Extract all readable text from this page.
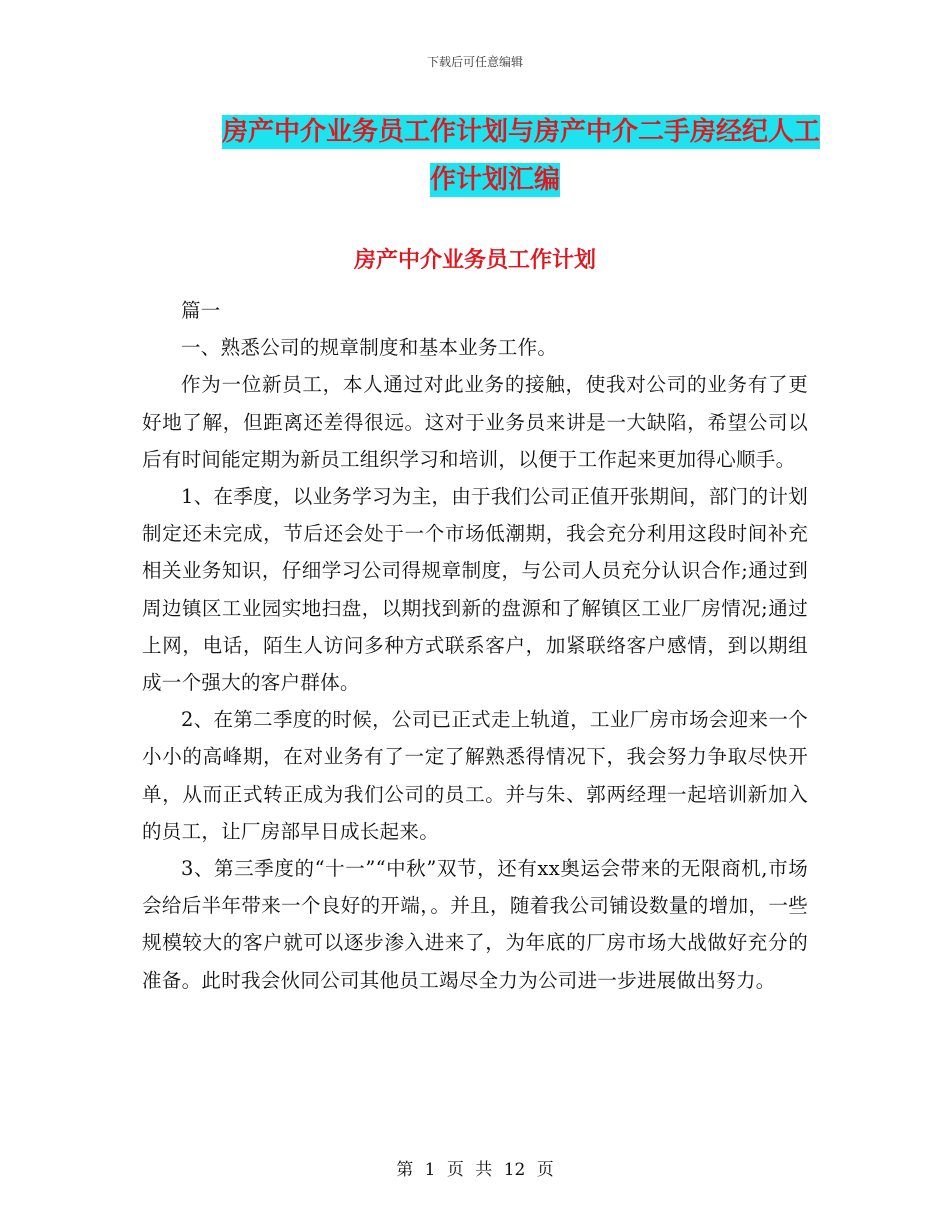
下载后可任意编辑
房产中介业务员工作计划与房产中介二手房经纪人工
作计划汇编
房产中介业务员工作计划

篇一

一、熟悉公司的规章制度和基本业务工作。

作为一位新员工，本人通过对此业务的接触，使我对公司的业务有了更好地了解，但距离还差得很远。这对于业务员来讲是一大缺陷，希望公司以后有时间能定期为新员工组织学习和培训，以便于工作起来更加得心顺手。

1、在季度，以业务学习为主，由于我们公司正值开张期间，部门的计划制定还未完成，节后还会处于一个市场低潮期，我会充分利用这段时间补充相关业务知识，仔细学习公司得规章制度，与公司人员充分认识合作;通过到周边镇区工业园实地扫盘，以期找到新的盘源和了解镇区工业厂房情况;通过上网，电话，陌生人访问多种方式联系客户，加紧联络客户感情，到以期组成一个强大的客户群体。

2、在第二季度的时候，公司已正式走上轨道，工业厂房市场会迎来一个小小的高峰期，在对业务有了一定了解熟悉得情况下，我会努力争取尽快开单，从而正式转正成为我们公司的员工。并与朱、郭两经理一起培训新加入的员工，让厂房部早日成长起来。

3、第三季度的“十一”“中秋”双节，还有xx奥运会带来的无限商机,市场会给后半年带来一个良好的开端，。并且，随着我公司铺设数量的增加，一些规模较大的客户就可以逐步渗入进来了，为年底的厂房市场大战做好充分的准备。此时我会伙同公司其他员工竭尽全力为公司进一步进展做出努力。

第 1 页 共 12 页
